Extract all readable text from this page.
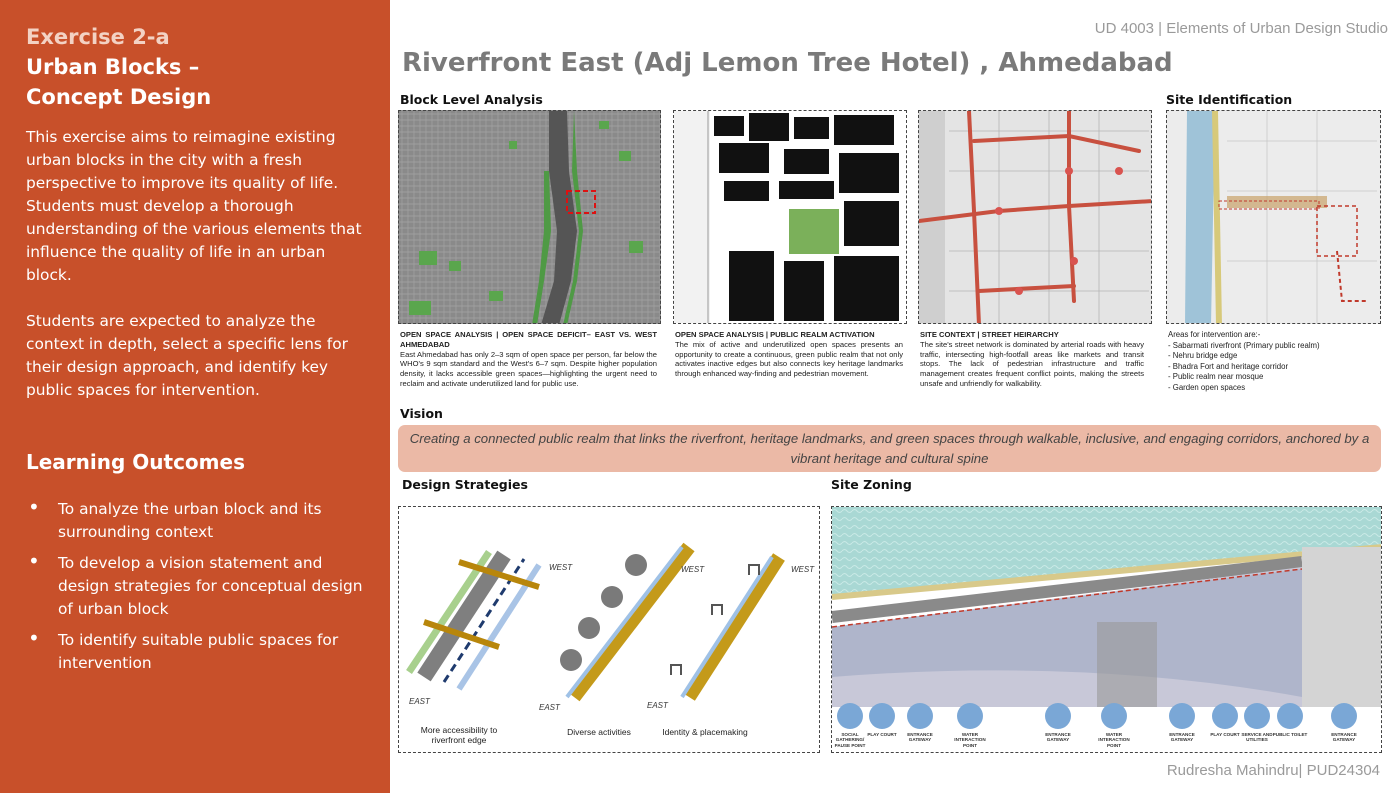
Exercise 2-a
Urban Blocks –
Concept Design

This exercise aims to reimagine existing urban blocks in the city with a fresh perspective to improve its quality of life. Students must develop a thorough understanding of the various elements that influence the quality of life in an urban block.

Students are expected to analyze the context in depth, select a specific lens for their design approach, and identify key public spaces for intervention.

Learning Outcomes
• To analyze the urban block and its surrounding context
• To develop a vision statement and design strategies for conceptual design of urban block
• To identify suitable public spaces for intervention
UD 4003 | Elements of Urban Design Studio
Riverfront East (Adj Lemon Tree Hotel) , Ahmedabad
Block Level Analysis	Site Identification
OPEN SPACE ANALYSIS | OPEN SPACE DEFICIT– EAST VS. WEST AHMEDABAD
East Ahmedabad has only 2–3 sqm of open space per person, far below the WHO's 9 sqm standard and the West's 6–7 sqm. Despite higher population density, it lacks accessible green spaces—highlighting the urgent need to reclaim and activate underutilized land for public use.
OPEN SPACE ANALYSIS | PUBLIC REALM ACTIVATION
The mix of active and underutilized open spaces presents an opportunity to create a continuous, green public realm that not only activates inactive edges but also connects key heritage landmarks through enhanced way-finding and pedestrian movement.
SITE CONTEXT | STREET HEIRARCHY
The site's street network is dominated by arterial roads with heavy traffic, intersecting high-footfall areas like markets and transit stops. The lack of pedestrian infrastructure and traffic management creates frequent conflict points, making the streets unsafe and unfriendly for walkability.
Areas for intervention are:-
- Sabarmati riverfront (Primary public realm)
- Nehru bridge edge
- Bhadra Fort and heritage corridor
- Public realm near mosque
- Garden open spaces
Vision
Creating a connected public realm that links the riverfront, heritage landmarks, and green spaces through walkable, inclusive, and engaging corridors, anchored by a vibrant heritage and cultural spine
Design Strategies
WEST	WEST	WEST
EAST
EAST	EAST
More accessibility to riverfront edge
Diverse activities	Identity & placemaking
Site Zoning
SOCIAL GATHERING/ PAUSE POINT
PLAY COURT	ENTRANCE GATEWAY
WATER INTERACTION POINT
ENTRANCE GATEWAY
WATER INTERACTION POINT
ENTRANCE GATEWAY
PLAY COURT SERVICE AND UTILITIES
PUBLIC TOILET	ENTRANCE GATEWAY
Rudresha Mahindru| PUD24304
